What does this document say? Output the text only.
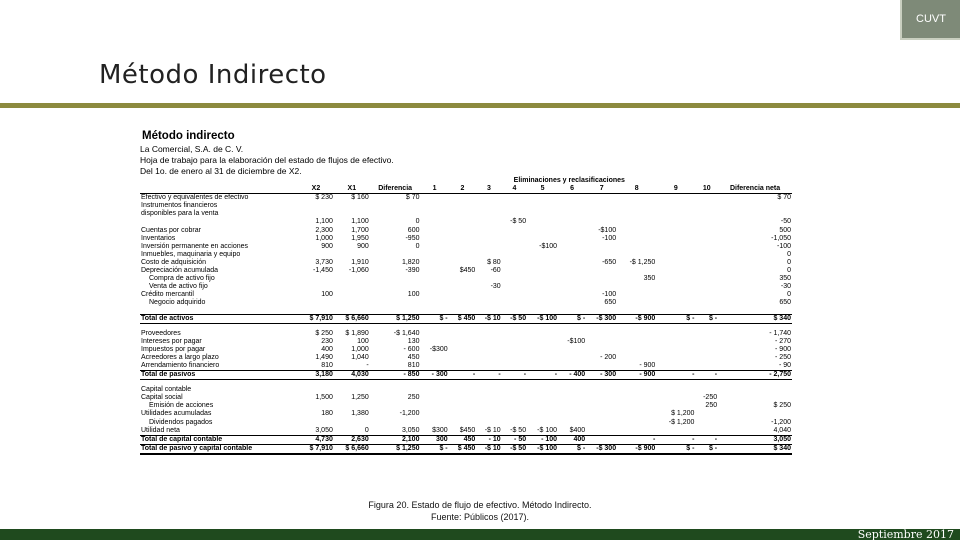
CUVT
Método Indirecto
Método indirecto
La Comercial, S.A. de C. V.
Hoja de trabajo para la elaboración del estado de flujos de efectivo.
Del 1o. de enero al 31 de diciembre de X2.
				Eliminaciones y reclasificaciones										
	X2	X1	Diferencia	1	2	3	4	5	6	7	8	9	10	Diferencia neta
Efectivo y equivalentes de efectivo	$ 230	$ 160	$ 70											$ 70
Instrumentos financieros														
disponibles para la venta														
	1,100	1,100	0				-$ 50							-50
Cuentas por cobrar	2,300	1,700	600							-$100				500
Inventarios	1,000	1,950	-950							-100				-1,050
Inversión permanente en acciones	900	900	0					-$100						-100
Inmuebles, maquinaria y equipo														0
Costo de adquisición	3,730	1,910	1,820			$ 80				-650	-$ 1,250			0
Depreciación acumulada	-1,450	-1,060	-390		$450	-60								0
Compra de activo fijo											350			350
Venta de activo fijo						-30								-30
Crédito mercantil	100		100							-100				0
Negocio adquirido										650				650

Total de activos	$ 7,910	$ 6,660	$ 1,250	$ -	$ 450	-$ 10	-$ 50	-$ 100	$ -	-$ 300	-$ 900	$ -	$ -	$ 340

Proveedores	$ 250	$ 1,890	-$ 1,640											- 1,740
Intereses por pagar	230	100	130						-$100					- 270
Impuestos por pagar	400	1,000	- 600	-$300										- 900
Acreedores a largo plazo	1,490	1,040	450							- 200				- 250
Arrendamiento financiero	810	-	810								- 900			- 90
Total de pasivos	3,180	4,030	- 850	- 300	-	-	-	-	- 400	- 300	- 900	-	-	- 2,750

Capital contable														
Capital social	1,500	1,250	250										-250	
Emisión de acciones													250	$ 250
Utilidades acumuladas	180	1,380	-1,200									$ 1,200		
Dividendos pagados												-$ 1,200		-1,200
Utilidad neta	3,050	0	3,050	$300	$450	-$ 10	-$ 50	-$ 100	$400					4,040
Total de capital contable	4,730	2,630	2,100	300	450	- 10	- 50	- 100	400		-	-	-	3,050
Total de pasivo y capital contable	$ 7,910	$ 6,660	$ 1,250	$ -	$ 450	-$ 10	-$ 50	-$ 100	$ -	-$ 300	-$ 900	$ -	$ -	$ 340
Figura 20. Estado de flujo de efectivo. Método Indirecto.
Fuente: Públicos (2017).
Septiembre 2017
